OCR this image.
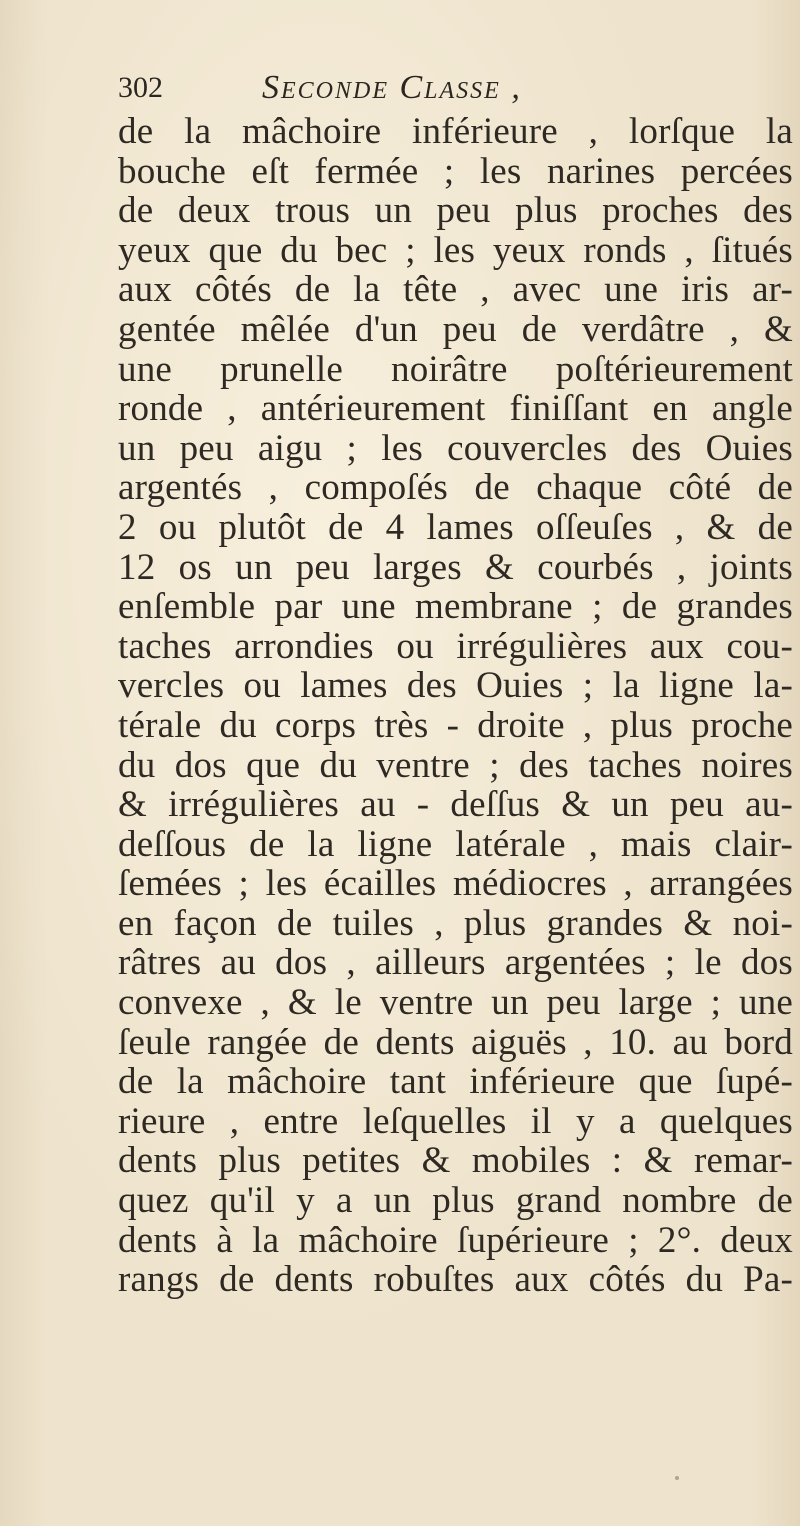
302	Seconde Classe ,
de la mâchoire inférieure , lorſque la
bouche eſt fermée ; les narines percées
de deux trous un peu plus proches des
yeux que du bec ; les yeux ronds , ſitués
aux côtés de la tête , avec une iris ar-
gentée mêlée d'un peu de verdâtre , &
une prunelle noirâtre poſtérieurement
ronde , antérieurement finiſſant en angle
un peu aigu ; les couvercles des Ouies
argentés , compoſés de chaque côté de
2 ou plutôt de 4 lames oſſeuſes , & de
12 os un peu larges & courbés , joints
enſemble par une membrane ; de grandes
taches arrondies ou irrégulières aux cou-
vercles ou lames des Ouies ; la ligne la-
térale du corps très - droite , plus proche
du dos que du ventre ; des taches noires
& irrégulières au - deſſus & un peu au-
deſſous de la ligne latérale , mais clair-
ſemées ; les écailles médiocres , arrangées
en façon de tuiles , plus grandes & noi-
râtres au dos , ailleurs argentées ; le dos
convexe , & le ventre un peu large ; une
ſeule rangée de dents aiguës , 10. au bord
de la mâchoire tant inférieure que ſupé-
rieure , entre leſquelles il y a quelques
dents plus petites & mobiles : & remar-
quez qu'il y a un plus grand nombre de
dents à la mâchoire ſupérieure ; 2°. deux
rangs de dents robuſtes aux côtés du Pa-
